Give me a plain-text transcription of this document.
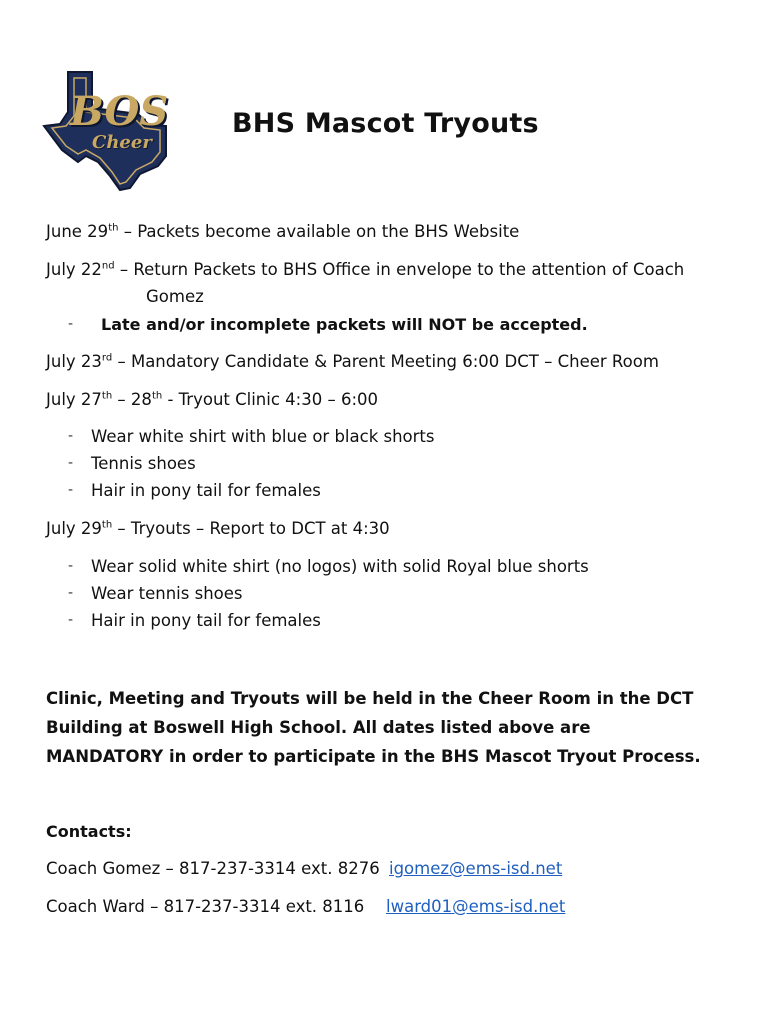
BOS
Cheer
BHS Mascot Tryouts
June 29th – Packets become available on the BHS Website
July 22nd – Return Packets to BHS Office in envelope to the attention of Coach
Gomez
- Late and/or incomplete packets will NOT be accepted.
July 23rd – Mandatory Candidate & Parent Meeting 6:00 DCT – Cheer Room
July 27th – 28th - Tryout Clinic 4:30 – 6:00
- Wear white shirt with blue or black shorts
- Tennis shoes
- Hair in pony tail for females
July 29th – Tryouts – Report to DCT at 4:30
- Wear solid white shirt (no logos) with solid Royal blue shorts
- Wear tennis shoes
- Hair in pony tail for females
Clinic, Meeting and Tryouts will be held in the Cheer Room in the DCT
Building at Boswell High School. All dates listed above are
MANDATORY in order to participate in the BHS Mascot Tryout Process.
Contacts:
Coach Gomez – 817-237-3314 ext. 8276 igomez@ems-isd.net
Coach Ward – 817-237-3314 ext. 8116 lward01@ems-isd.net
